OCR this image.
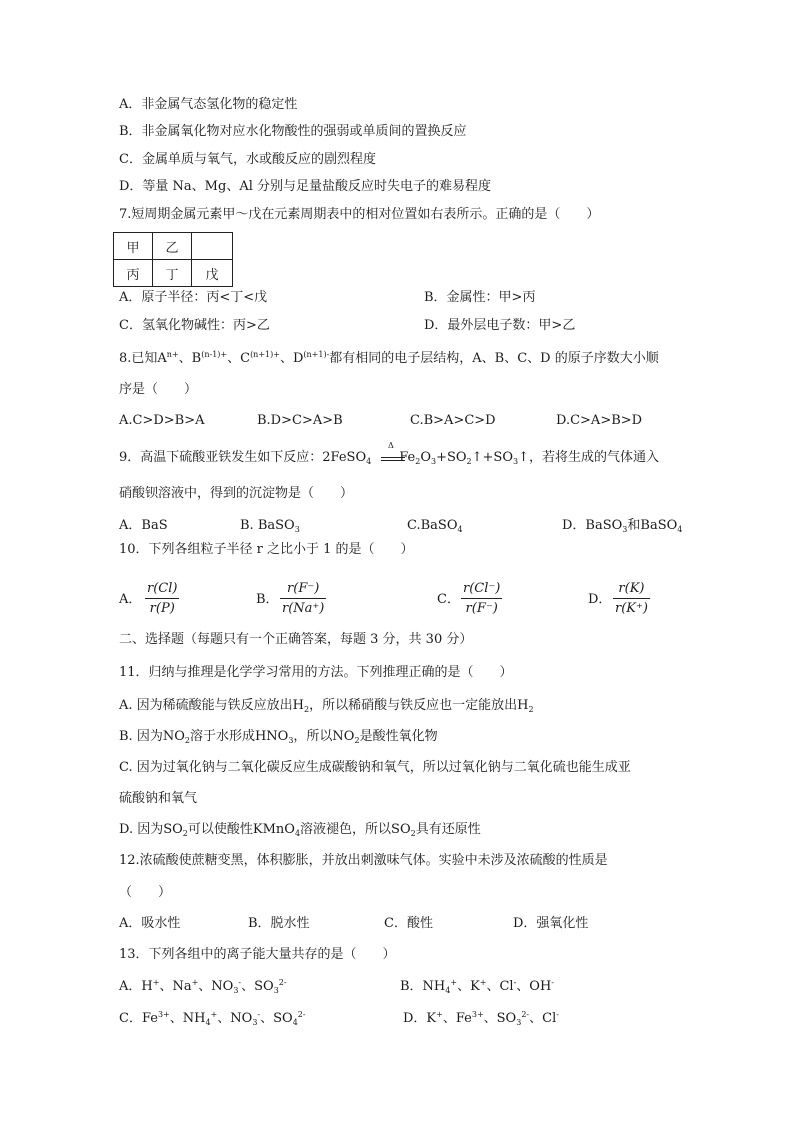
A．非金属气态氢化物的稳定性
B．非金属氧化物对应水化物酸性的强弱或单质间的置换反应
C．金属单质与氧气，水或酸反应的剧烈程度
D．等量 Na、Mg、Al 分别与足量盐酸反应时失电子的难易程度
7.短周期金属元素甲～戊在元素周期表中的相对位置如右表所示。正确的是（　　）
甲	乙	
丙	丁	戊
A．原子半径：丙<丁<戊	B．金属性：甲>丙
C．氢氧化物碱性：丙>乙	D．最外层电子数：甲>乙
8.已知$A^{n+}$、$B^{(n-1)+}$、$C^{(n+1)+}$、$D^{(n+1)-}$都有相同的电子层结构，A、B、C、D 的原子序数大小顺
序是（　　）
A.C>D>B>A	B.D>C>A>B	C.B>A>C>D	D.C>A>B>D
9．高温下硫酸亚铁发生如下反应：2FeSO$_4$ $Fe_2O_3+SO_2↑+SO_3↑$，若将生成的气体通入
Δ
硝酸钡溶液中，得到的沉淀物是（　　）
A．BaS	B. BaSO$_3$	C.BaSO$_4$	D．BaSO$_3$和BaSO$_4$
10．下列各组粒子半径 r 之比小于 1 的是（　　）
A． $\frac{r(Cl)}{r(P)}$	B． $\frac{r(F^-)}{r(Na^+)}$	C． $\frac{r(Cl^-)}{r(F^-)}$	D． $\frac{r(K)}{r(K^+)}$
二、选择题（每题只有一个正确答案，每题 3 分，共 30 分）
11．归纳与推理是化学学习常用的方法。下列推理正确的是（　　）
A. 因为稀硫酸能与铁反应放出$H_2$，所以稀硝酸与铁反应也一定能放出$H_2$
B. 因为$NO_2$溶于水形成$HNO_3$，所以$NO_2$是酸性氧化物
C. 因为过氧化钠与二氧化碳反应生成碳酸钠和氧气，所以过氧化钠与二氧化硫也能生成亚
硫酸钠和氧气
D. 因为$SO_2$可以使酸性KMnO$_4$溶液褪色，所以$SO_2$具有还原性
12.浓硫酸使蔗糖变黑，体积膨胀，并放出刺激味气体。实验中未涉及浓硫酸的性质是
（　　）
A．吸水性	B．脱水性	C．酸性	D．强氧化性
13．下列各组中的离子能大量共存的是（　　）
A．H+、Na+、$NO_3^-$、$SO_3^{2-}$	B．$NH_4^+$、K+、Cl-、OH-
C．$Fe^{3+}$、$NH_4^+$、$NO_3^-$、$SO_4^{2-}$	D．K+、$Fe^{3+}$、$SO_3^{2-}$、Cl-
